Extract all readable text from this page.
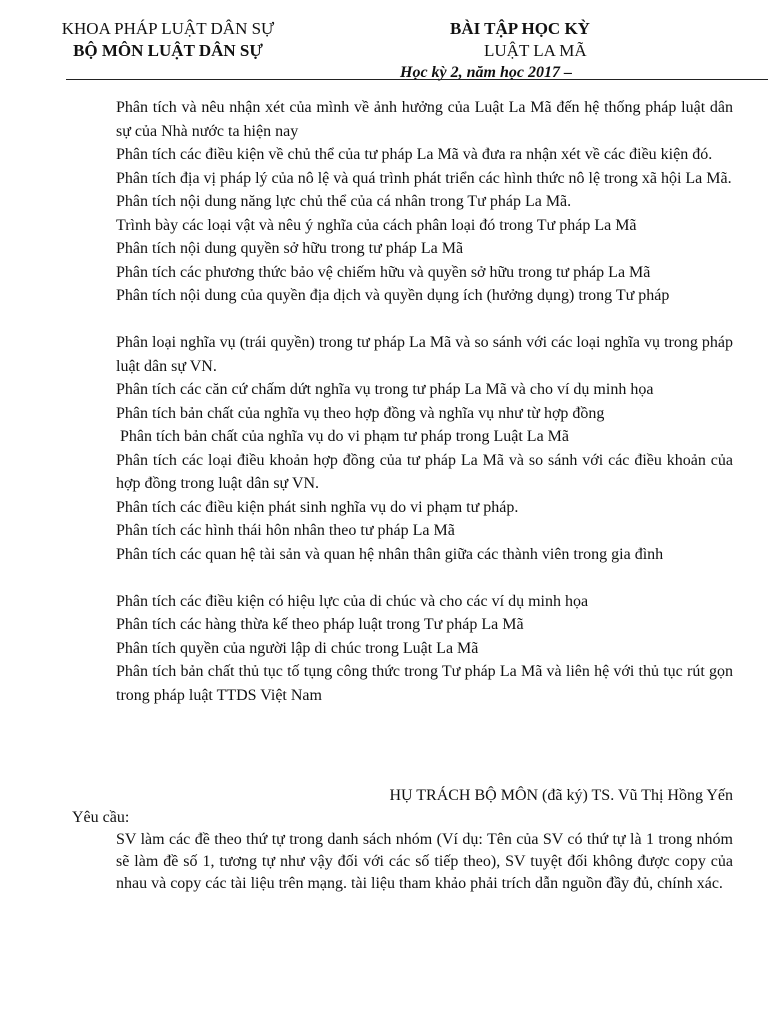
KHOA PHÁP LUẬT DÂN SỰ
BỘ MÔN LUẬT DÂN SỰ
BÀI TẬP HỌC KỲ
LUẬT LA MÃ
Học kỳ 2, năm học 2017 –
Phân tích và nêu nhận xét của mình về ảnh hưởng của Luật La Mã đến hệ thống pháp luật dân sự của Nhà nước ta hiện nay
Phân tích các điều kiện về chủ thể của tư pháp La Mã và đưa ra nhận xét về các điều kiện đó.
Phân tích địa vị pháp lý của nô lệ và quá trình phát triển các hình thức nô lệ trong xã hội La Mã.
Phân tích nội dung năng lực chủ thể của cá nhân trong Tư pháp La Mã.
Trình bày các loại vật và nêu ý nghĩa của cách phân loại đó trong Tư pháp La Mã
Phân tích nội dung quyền sở hữu trong tư pháp La Mã
Phân tích các phương thức bảo vệ chiếm hữu và quyền sở hữu trong tư pháp La Mã
Phân tích nội dung của quyền địa dịch và quyền dụng ích (hưởng dụng) trong Tư pháp
Phân loại nghĩa vụ (trái quyền) trong tư pháp La Mã và so sánh với các loại nghĩa vụ trong pháp luật dân sự VN.
Phân tích các căn cứ chấm dứt nghĩa vụ trong tư pháp La Mã và cho ví dụ minh họa
Phân tích bản chất của nghĩa vụ theo hợp đồng và nghĩa vụ như từ hợp đồng
Phân tích bản chất của nghĩa vụ do vi phạm tư pháp trong Luật La Mã
Phân tích các loại điều khoản hợp đồng của tư pháp La Mã và so sánh với các điều khoản của hợp đồng trong luật dân sự VN.
Phân tích các điều kiện phát sinh nghĩa vụ do vi phạm tư pháp.
Phân tích các hình thái hôn nhân theo tư pháp La Mã
Phân tích các quan hệ tài sản và quan hệ nhân thân giữa các thành viên trong gia đình
Phân tích các điều kiện có hiệu lực của di chúc và cho các ví dụ minh họa
Phân tích các hàng thừa kế theo pháp luật trong Tư pháp La Mã
Phân tích quyền của người lập di chúc trong Luật La Mã
Phân tích bản chất thủ tục tố tụng công thức trong Tư pháp La Mã và liên hệ với thủ tục rút gọn trong pháp luật TTDS Việt Nam
HỤ TRÁCH BỘ MÔN (đã ký) TS. Vũ Thị Hồng Yến
Yêu cầu:
SV làm các đề theo thứ tự trong danh sách nhóm (Ví dụ: Tên của SV có thứ tự là 1 trong nhóm sẽ làm đề số 1, tương tự như vậy đối với các số tiếp theo), SV tuyệt đối không được copy của nhau và copy các tài liệu trên mạng. tài liệu tham khảo phải trích dẫn nguồn đầy đủ, chính xác.
